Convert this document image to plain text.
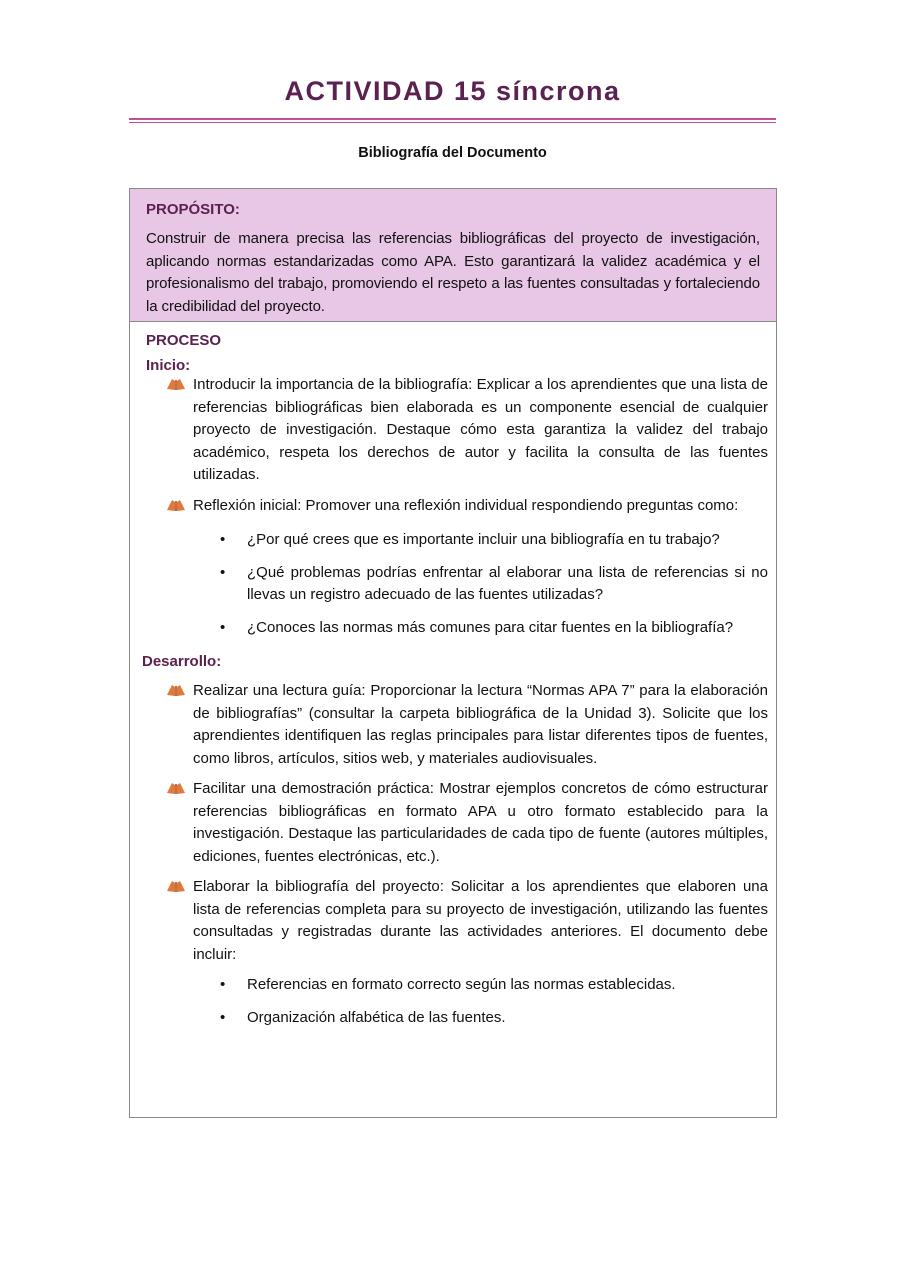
ACTIVIDAD 15 síncrona
Bibliografía del Documento
PROPÓSITO:
Construir de manera precisa las referencias bibliográficas del proyecto de investigación, aplicando normas estandarizadas como APA. Esto garantizará la validez académica y el profesionalismo del trabajo, promoviendo el respeto a las fuentes consultadas y fortaleciendo la credibilidad del proyecto.
PROCESO
Inicio:
Introducir la importancia de la bibliografía: Explicar a los aprendientes que una lista de referencias bibliográficas bien elaborada es un componente esencial de cualquier proyecto de investigación. Destaque cómo esta garantiza la validez del trabajo académico, respeta los derechos de autor y facilita la consulta de las fuentes utilizadas.
Reflexión inicial: Promover una reflexión individual respondiendo preguntas como:
• ¿Por qué crees que es importante incluir una bibliografía en tu trabajo?
• ¿Qué problemas podrías enfrentar al elaborar una lista de referencias si no llevas un registro adecuado de las fuentes utilizadas?
• ¿Conoces las normas más comunes para citar fuentes en la bibliografía?
Desarrollo:
Realizar una lectura guía: Proporcionar la lectura “Normas APA 7” para la elaboración de bibliografías” (consultar la carpeta bibliográfica de la Unidad 3). Solicite que los aprendientes identifiquen las reglas principales para listar diferentes tipos de fuentes, como libros, artículos, sitios web, y materiales audiovisuales.
Facilitar una demostración práctica: Mostrar ejemplos concretos de cómo estructurar referencias bibliográficas en formato APA u otro formato establecido para la investigación. Destaque las particularidades de cada tipo de fuente (autores múltiples, ediciones, fuentes electrónicas, etc.).
Elaborar la bibliografía del proyecto: Solicitar a los aprendientes que elaboren una lista de referencias completa para su proyecto de investigación, utilizando las fuentes consultadas y registradas durante las actividades anteriores. El documento debe incluir:
• Referencias en formato correcto según las normas establecidas.
• Organización alfabética de las fuentes.
